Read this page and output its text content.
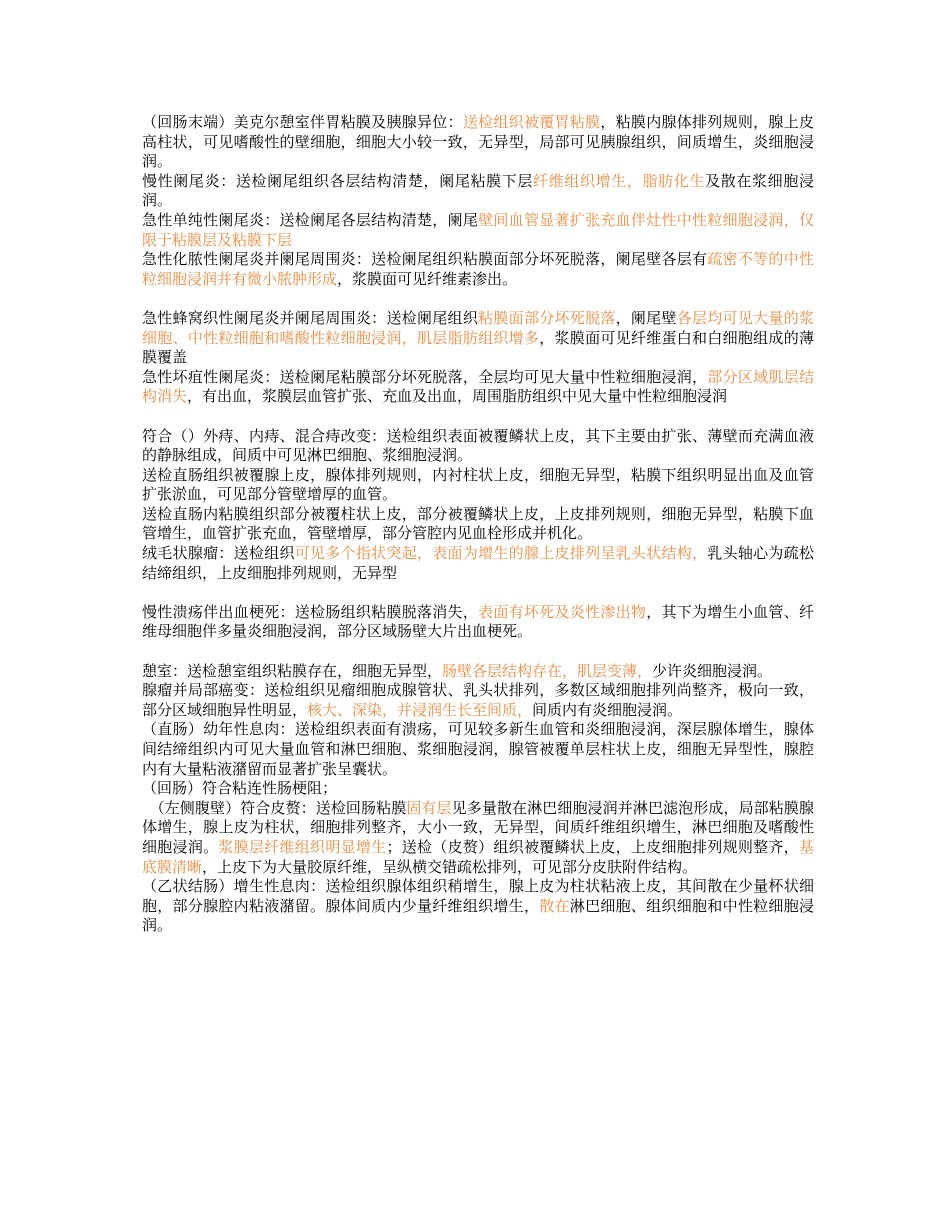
（回肠末端）美克尔憩室伴胃粘膜及胰腺异位：送检组织被覆胃粘膜，粘膜内腺体排列规则，腺上皮高柱状，可见嗜酸性的壁细胞，细胞大小较一致，无异型，局部可见胰腺组织，间质增生，炎细胞浸润。

慢性阑尾炎：送检阑尾组织各层结构清楚，阑尾粘膜下层纤维组织增生，脂肪化生及散在浆细胞浸润。

急性单纯性阑尾炎：送检阑尾各层结构清楚，阑尾壁间血管显著扩张充血伴灶性中性粒细胞浸润，仅限于粘膜层及粘膜下层

急性化脓性阑尾炎并阑尾周围炎：送检阑尾组织粘膜面部分坏死脱落，阑尾壁各层有疏密不等的中性粒细胞浸润并有微小脓肿形成，浆膜面可见纤维素渗出。

急性蜂窝织性阑尾炎并阑尾周围炎：送检阑尾组织粘膜面部分坏死脱落，阑尾壁各层均可见大量的浆细胞、中性粒细胞和嗜酸性粒细胞浸润，肌层脂肪组织增多，浆膜面可见纤维蛋白和白细胞组成的薄膜覆盖

急性坏疽性阑尾炎：送检阑尾粘膜部分坏死脱落，全层均可见大量中性粒细胞浸润，部分区域肌层结构消失，有出血，浆膜层血管扩张、充血及出血，周围脂肪组织中见大量中性粒细胞浸润

符合（）外痔、内痔、混合痔改变：送检组织表面被覆鳞状上皮，其下主要由扩张、薄壁而充满血液的静脉组成，间质中可见淋巴细胞、浆细胞浸润。

送检直肠组织被覆腺上皮，腺体排列规则，内衬柱状上皮，细胞无异型，粘膜下组织明显出血及血管扩张淤血，可见部分管壁增厚的血管。

送检直肠内粘膜组织部分被覆柱状上皮，部分被覆鳞状上皮，上皮排列规则，细胞无异型，粘膜下血管增生，血管扩张充血，管壁增厚，部分管腔内见血栓形成并机化。

绒毛状腺瘤：送检组织可见多个指状突起，表面为增生的腺上皮排列呈乳头状结构，乳头轴心为疏松结缔组织，上皮细胞排列规则，无异型

慢性溃疡伴出血梗死：送检肠组织粘膜脱落消失，表面有坏死及炎性渗出物，其下为增生小血管、纤维母细胞伴多量炎细胞浸润，部分区域肠壁大片出血梗死。

憩室：送检憩室组织粘膜存在，细胞无异型，肠壁各层结构存在，肌层变薄，少许炎细胞浸润。

腺瘤并局部癌变：送检组织见瘤细胞成腺管状、乳头状排列，多数区域细胞排列尚整齐，极向一致，部分区域细胞异性明显，核大、深染，并浸润生长至间质，间质内有炎细胞浸润。

（直肠）幼年性息肉：送检组织表面有溃疡，可见较多新生血管和炎细胞浸润，深层腺体增生，腺体间结缔组织内可见大量血管和淋巴细胞、浆细胞浸润，腺管被覆单层柱状上皮，细胞无异型性，腺腔内有大量粘液潴留而显著扩张呈囊状。

（回肠）符合粘连性肠梗阻；

　（左侧腹壁）符合皮赘：送检回肠粘膜固有层见多量散在淋巴细胞浸润并淋巴滤泡形成，局部粘膜腺体增生，腺上皮为柱状，细胞排列整齐，大小一致，无异型，间质纤维组织增生，淋巴细胞及嗜酸性细胞浸润。浆膜层纤维组织明显增生；送检（皮赘）组织被覆鳞状上皮，上皮细胞排列规则整齐，基底膜清晰，上皮下为大量胶原纤维，呈纵横交错疏松排列，可见部分皮肤附件结构。

（乙状结肠）增生性息肉：送检组织腺体组织稍增生，腺上皮为柱状粘液上皮，其间散在少量杯状细胞，部分腺腔内粘液潴留。腺体间质内少量纤维组织增生，散在淋巴细胞、组织细胞和中性粒细胞浸润。
